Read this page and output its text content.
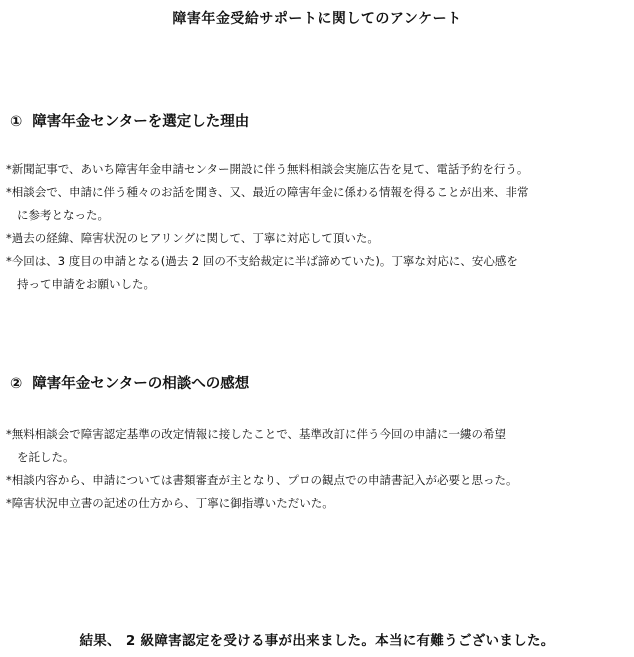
障害年金受給サポートに関してのアンケート
① 障害年金センターを選定した理由
*新聞記事で、あいち障害年金申請センター開設に伴う無料相談会実施広告を見て、電話予約を行う。
*相談会で、申請に伴う種々のお話を聞き、又、最近の障害年金に係わる情報を得ることが出来、非常
に参考となった。
*過去の経緯、障害状況のヒアリングに関して、丁寧に対応して頂いた。
*今回は、3 度目の申請となる(過去 2 回の不支給裁定に半ば諦めていた)。丁寧な対応に、安心感を
持って申請をお願いした。
② 障害年金センターの相談への感想
*無料相談会で障害認定基準の改定情報に接したことで、基準改訂に伴う今回の申請に一縷の希望
を託した。
*相談内容から、申請については書類審査が主となり、プロの観点での申請書記入が必要と思った。
*障害状況申立書の記述の仕方から、丁寧に御指導いただいた。
結果、 2 級障害認定を受ける事が出来ました。本当に有難うございました。
